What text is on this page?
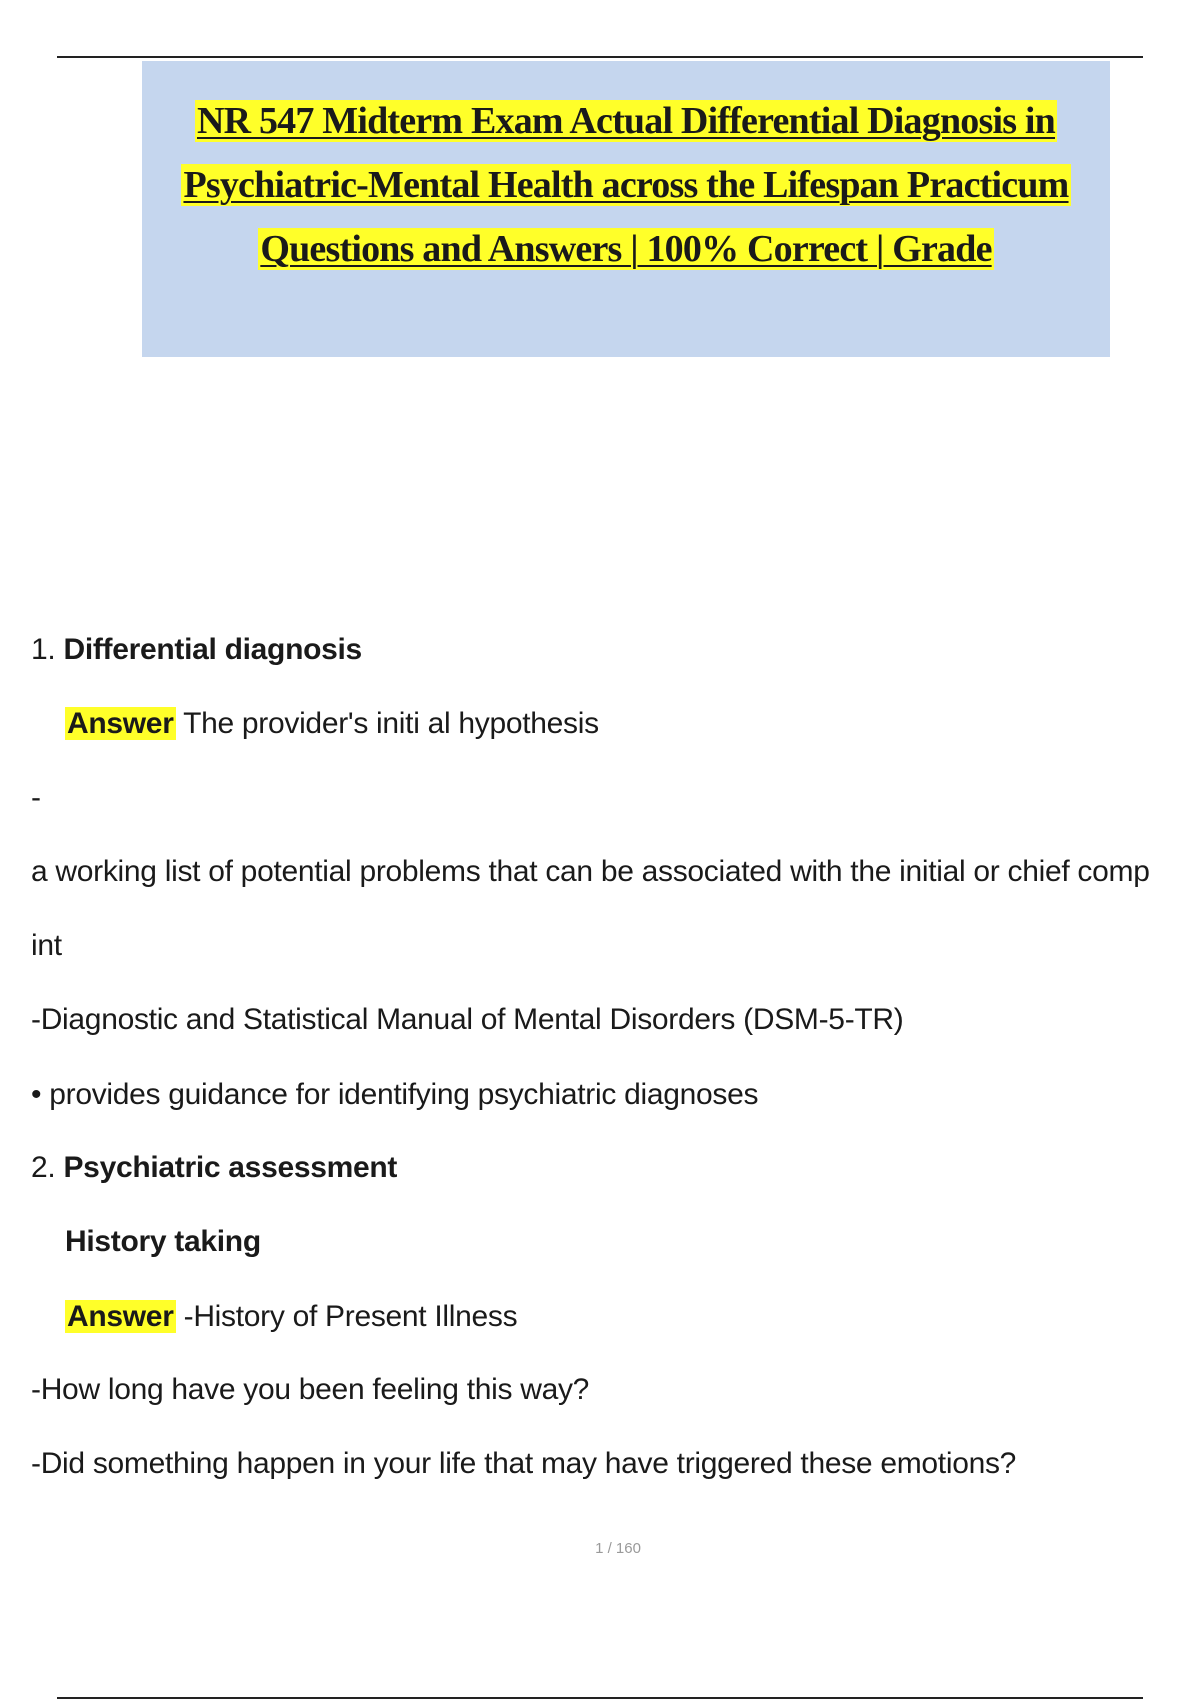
NR 547 Midterm Exam Actual Differential Diagnosis in
Psychiatric-Mental Health across the Lifespan Practicum
Questions and Answers | 100% Correct | Grade
1. Differential diagnosis
Answer The provider's initi al hypothesis
-
a working list of potential problems that can be associated with the initial or chief comp
int
-Diagnostic and Statistical Manual of Mental Disorders (DSM-5-TR)
• provides guidance for identifying psychiatric diagnoses
2. Psychiatric assessment
History taking
Answer -History of Present Illness
-How long have you been feeling this way?
-Did something happen in your life that may have triggered these emotions?
1 / 160
